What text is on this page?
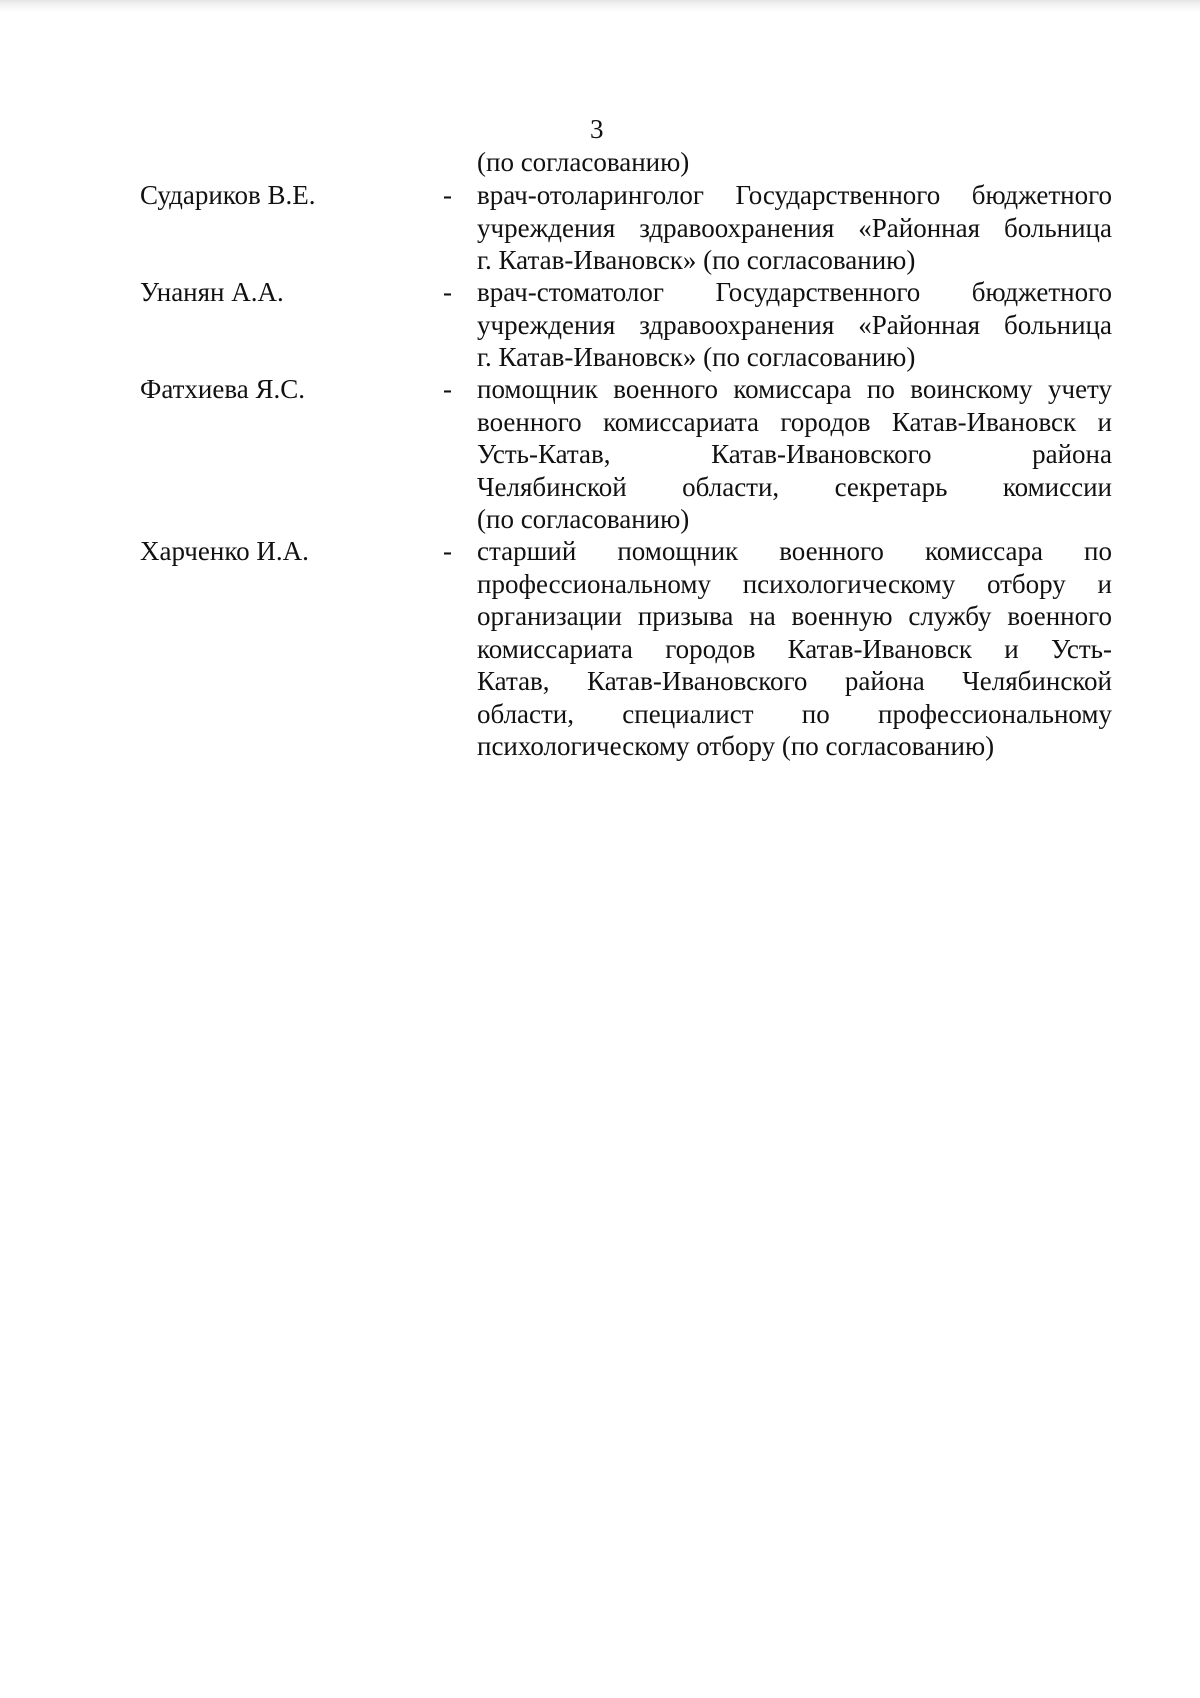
3
(по согласованию)
Судариков В.Е.	- врач-отоларинголог Государственного бюджетного
учреждения здравоохранения «Районная больница
г. Катав-Ивановск» (по согласованию)
Унанян А.А.	- врач-стоматолог Государственного бюджетного
учреждения здравоохранения «Районная больница
г. Катав-Ивановск» (по согласованию)
Фатхиева Я.С.	- помощник военного комиссара по воинскому учету
военного комиссариата городов Катав-Ивановск и
Усть-Катав, Катав-Ивановского района
Челябинской области, секретарь комиссии
(по согласованию)
Харченко И.А.	- старший помощник военного комиссара по
профессиональному психологическому отбору и
организации призыва на военную службу военного
комиссариата городов Катав-Ивановск и Усть-
Катав, Катав-Ивановского района Челябинской
области, специалист по профессиональному
психологическому отбору (по согласованию)
